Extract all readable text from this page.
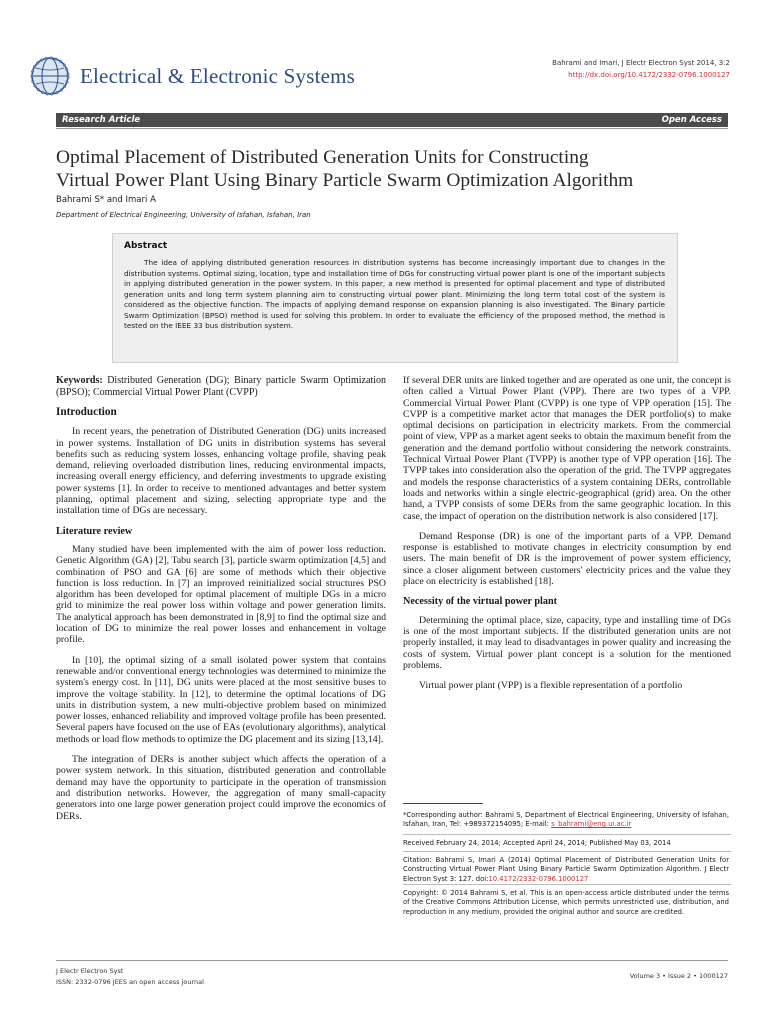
Electrical & Electronic Systems
Bahrami and Imari, J Electr Electron Syst 2014, 3:2
http://dx.doi.org/10.4172/2332-0796.1000127
Research Article	Open Access
Optimal Placement of Distributed Generation Units for Constructing
Virtual Power Plant Using Binary Particle Swarm Optimization Algorithm
Bahrami S* and Imari A
Department of Electrical Engineering, University of Isfahan, Isfahan, Iran
Abstract

The idea of applying distributed generation resources in distribution systems has become increasingly important due to changes in the distribution systems. Optimal sizing, location, type and installation time of DGs for constructing virtual power plant is one of the important subjects in applying distributed generation in the power system. In this paper, a new method is presented for optimal placement and type of distributed generation units and long term system planning aim to constructing virtual power plant. Minimizing the long term total cost of the system is considered as the objective function. The impacts of applying demand response on expansion planning is also investigated. The Binary particle Swarm Optimization (BPSO) method is used for solving this problem. In order to evaluate the efficiency of the proposed method, the method is tested on the IEEE 33 bus distribution system.

Keywords: Distributed Generation (DG); Binary particle Swarm Optimization (BPSO); Commercial Virtual Power Plant (CVPP)

Introduction

In recent years, the penetration of Distributed Generation (DG) units increased in power systems. Installation of DG units in distribution systems has several benefits such as reducing system losses, enhancing voltage profile, shaving peak demand, relieving overloaded distribution lines, reducing environmental impacts, increasing overall energy efficiency, and deferring investments to upgrade existing power systems [1]. In order to receive to mentioned advantages and better system planning, optimal placement and sizing, selecting appropriate type and the installation time of DGs are necessary.

Literature review

Many studied have been implemented with the aim of power loss reduction. Genetic Algorithm (GA) [2], Tabu search [3], particle swarm optimization [4,5] and combination of PSO and GA [6] are some of methods which their objective function is loss reduction. In [7] an improved reinitialized social structures PSO algorithm has been developed for optimal placement of multiple DGs in a micro grid to minimize the real power loss within voltage and power generation limits. The analytical approach has been demonstrated in [8,9] to find the optimal size and location of DG to minimize the real power losses and enhancement in voltage profile.

In [10], the optimal sizing of a small isolated power system that contains renewable and/or conventional energy technologies was determined to minimize the system's energy cost. In [11], DG units were placed at the most sensitive buses to improve the voltage stability. In [12], to determine the optimal locations of DG units in distribution system, a new multi-objective problem based on minimized power losses, enhanced reliability and improved voltage profile has been presented. Several papers have focused on the use of EAs (evolutionary algorithms), analytical methods or load flow methods to optimize the DG placement and its sizing [13,14].

The integration of DERs is another subject which affects the operation of a power system network. In this situation, distributed generation and controllable demand may have the opportunity to participate in the operation of transmission and distribution networks. However, the aggregation of many small-capacity generators into one large power generation project could improve the economics of DERs.

If several DER units are linked together and are operated as one unit, the concept is often called a Virtual Power Plant (VPP). There are two types of a VPP. Commercial Virtual Power Plant (CVPP) is one type of VPP operation [15]. The CVPP is a competitive market actor that manages the DER portfolio(s) to make optimal decisions on participation in electricity markets. From the commercial point of view, VPP as a market agent seeks to obtain the maximum benefit from the generation and the demand portfolio without considering the network constraints. Technical Virtual Power Plant (TVPP) is another type of VPP operation [16]. The TVPP takes into consideration also the operation of the grid. The TVPP aggregates and models the response characteristics of a system containing DERs, controllable loads and networks within a single electric-geographical (grid) area. On the other hand, a TVPP consists of some DERs from the same geographic location. In this case, the impact of operation on the distribution network is also considered [17].

Demand Response (DR) is one of the important parts of a VPP. Demand response is established to motivate changes in electricity consumption by end users. The main benefit of DR is the improvement of power system efficiency, since a closer alignment between customers' electricity prices and the value they place on electricity is established [18].

Necessity of the virtual power plant

Determining the optimal place, size, capacity, type and installing time of DGs is one of the most important subjects. If the distributed generation units are not properly installed, it may lead to disadvantages in power quality and increasing the costs of system. Virtual power plant concept is a solution for the mentioned problems.

Virtual power plant (VPP) is a flexible representation of a portfolio

*Corresponding author: Bahrami S, Department of Electrical Engineering, University of Isfahan, Isfahan, Iran, Tel: +989372154095; E-mail: s_bahrami@eng.ui.ac.ir
Received February 24, 2014; Accepted April 24, 2014; Published May 03, 2014
Citation: Bahrami S, Imari A (2014) Optimal Placement of Distributed Generation Units for Constructing Virtual Power Plant Using Binary Particle Swarm Optimization Algorithm. J Electr Electron Syst 3: 127. doi:10.4172/2332-0796.1000127
Copyright: © 2014 Bahrami S, et al. This is an open-access article distributed under the terms of the Creative Commons Attribution License, which permits unrestricted use, distribution, and reproduction in any medium, provided the original author and source are credited.
J Electr Electron Syst
ISSN: 2332-0796 JEES an open access journal
Volume 3 • Issue 2 • 1000127
